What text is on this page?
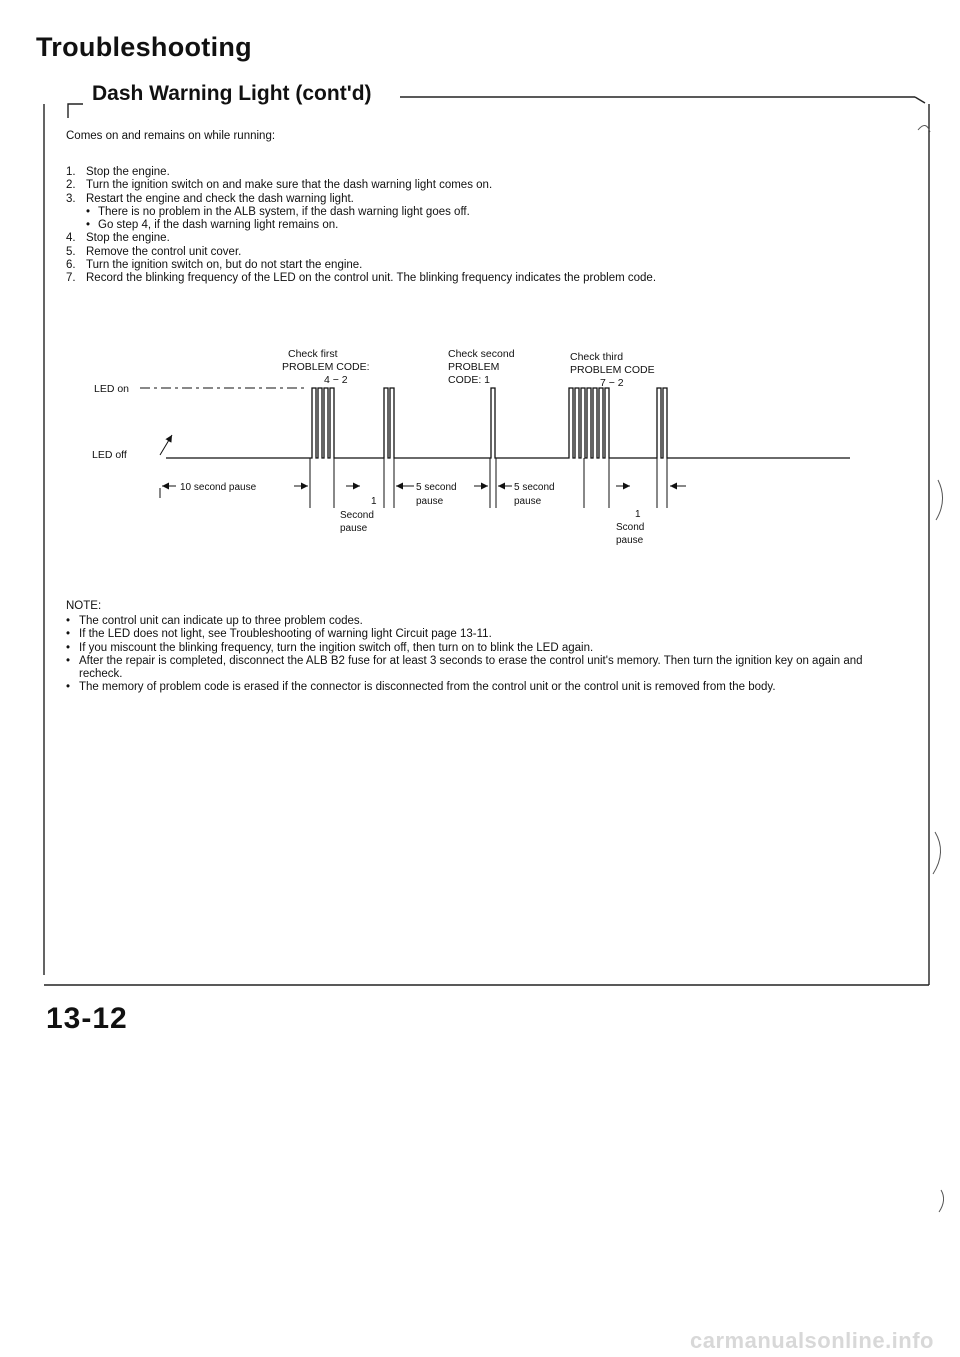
Troubleshooting
Dash Warning Light (cont'd)
Comes on and remains on while running:
1. Stop the engine.
2. Turn the ignition switch on and make sure that the dash warning light comes on.
3. Restart the engine and check the dash warning light.
• There is no problem in the ALB system, if the dash warning light goes off.
• Go step 4, if the dash warning light remains on.
4. Stop the engine.
5. Remove the control unit cover.
6. Turn the ignition switch on, but do not start the engine.
7. Record the blinking frequency of the LED on the control unit. The blinking frequency indicates the problem code.
Check first
PROBLEM CODE:
4 − 2
Check second
PROBLEM
CODE: 1
Check third
PROBLEM CODE
7 − 2
LED on
LED off
10 second pause	5 second
pause
5 second
pause
1
Second
pause
1
Scond
pause
NOTE:
• The control unit can indicate up to three problem codes.
• If the LED does not light, see Troubleshooting of warning light Circuit page 13-11.
• If you miscount the blinking frequency, turn the ingition switch off, then turn on to blink the LED again.
• After the repair is completed, disconnect the ALB B2 fuse for at least 3 seconds to erase the control unit's memory. Then turn the ignition key on again and recheck.
• The memory of problem code is erased if the connector is disconnected from the control unit or the control unit is removed from the body.
13-12
carmanualsonline.info
